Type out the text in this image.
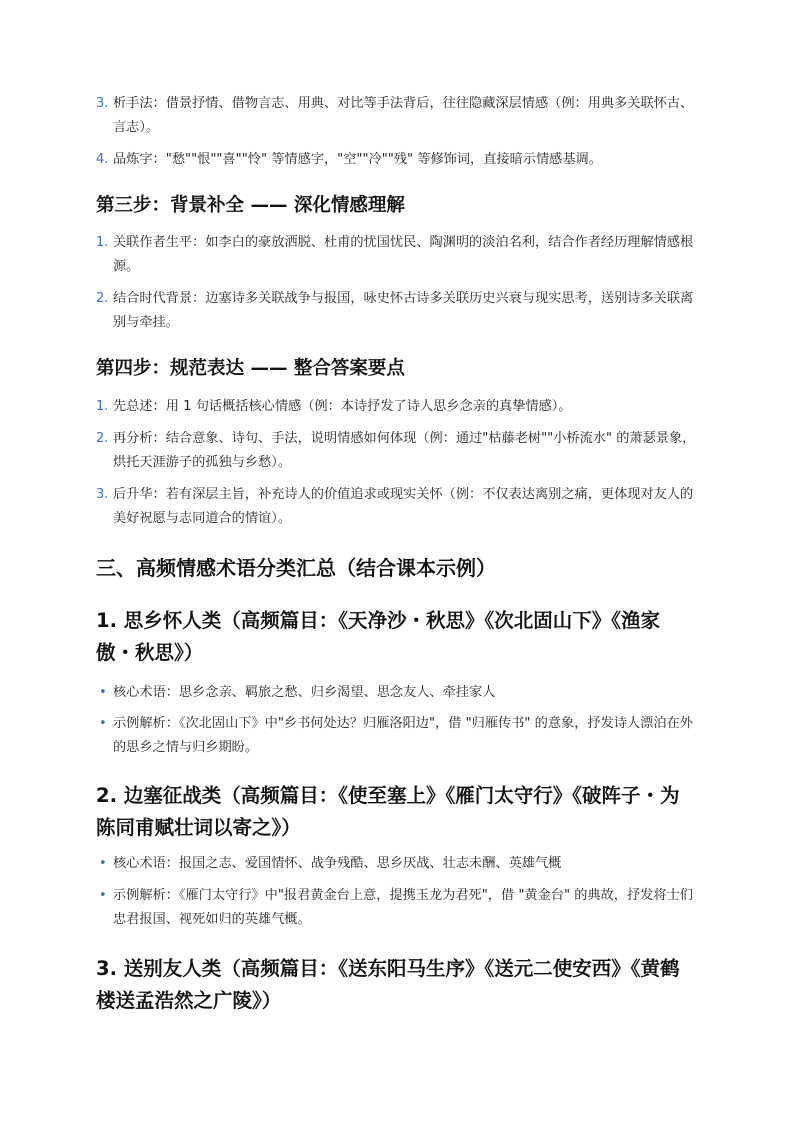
3. 析手法：借景抒情、借物言志、用典、对比等手法背后，往往隐藏深层情感（例：用典多关联怀古、言志）。
4. 品炼字："愁""恨""喜""怜" 等情感字，"空""冷""残" 等修饰词，直接暗示情感基调。
第三步：背景补全 —— 深化情感理解
1. 关联作者生平：如李白的豪放洒脱、杜甫的忧国忧民、陶渊明的淡泊名利，结合作者经历理解情感根源。
2. 结合时代背景：边塞诗多关联战争与报国，咏史怀古诗多关联历史兴衰与现实思考，送别诗多关联离别与牵挂。
第四步：规范表达 —— 整合答案要点
1. 先总述：用 1 句话概括核心情感（例：本诗抒发了诗人思乡念亲的真挚情感）。
2. 再分析：结合意象、诗句、手法，说明情感如何体现（例：通过"枯藤老树""小桥流水" 的萧瑟景象，烘托天涯游子的孤独与乡愁）。
3. 后升华：若有深层主旨，补充诗人的价值追求或现实关怀（例：不仅表达离别之痛，更体现对友人的美好祝愿与志同道合的情谊）。
三、高频情感术语分类汇总（结合课本示例）
1. 思乡怀人类（高频篇目：《天净沙・秋思》《次北固山下》《渔家傲・秋思》）
• 核心术语：思乡念亲、羁旅之愁、归乡渴望、思念友人、牵挂家人
• 示例解析：《次北固山下》中"乡书何处达？归雁洛阳边"，借 "归雁传书" 的意象，抒发诗人漂泊在外的思乡之情与归乡期盼。
2. 边塞征战类（高频篇目：《使至塞上》《雁门太守行》《破阵子・为陈同甫赋壮词以寄之》）
• 核心术语：报国之志、爱国情怀、战争残酷、思乡厌战、壮志未酬、英雄气概
• 示例解析：《雁门太守行》中"报君黄金台上意，提携玉龙为君死"，借 "黄金台" 的典故，抒发将士们忠君报国、视死如归的英雄气概。
3. 送别友人类（高频篇目：《送东阳马生序》《送元二使安西》《黄鹤楼送孟浩然之广陵》）
